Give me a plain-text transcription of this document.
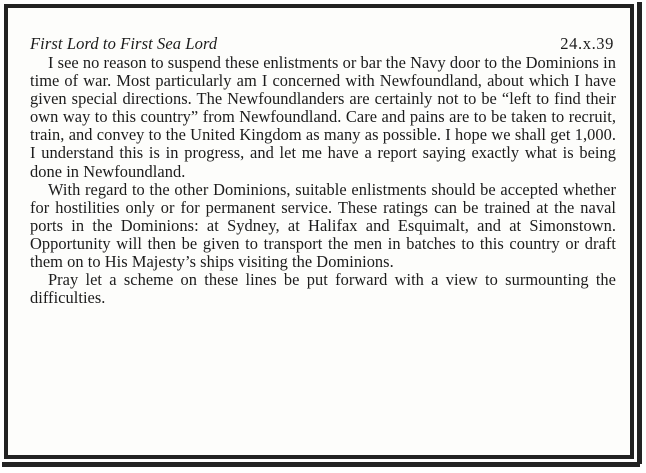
First Lord to First Sea Lord	24.x.39

I see no reason to suspend these enlistments or bar the Navy door to the Dominions in time of war. Most particularly am I concerned with Newfoundland, about which I have given special directions. The Newfoundlanders are certainly not to be “left to find their own way to this country” from Newfoundland. Care and pains are to be taken to recruit, train, and convey to the United Kingdom as many as possible. I hope we shall get 1,000. I understand this is in progress, and let me have a report saying exactly what is being done in Newfoundland.

With regard to the other Dominions, suitable enlistments should be accepted whether for hostilities only or for permanent service. These ratings can be trained at the naval ports in the Dominions: at Sydney, at Halifax and Esquimalt, and at Simonstown. Opportunity will then be given to transport the men in batches to this country or draft them on to His Majesty’s ships visiting the Dominions.

Pray let a scheme on these lines be put forward with a view to surmounting the difficulties.
